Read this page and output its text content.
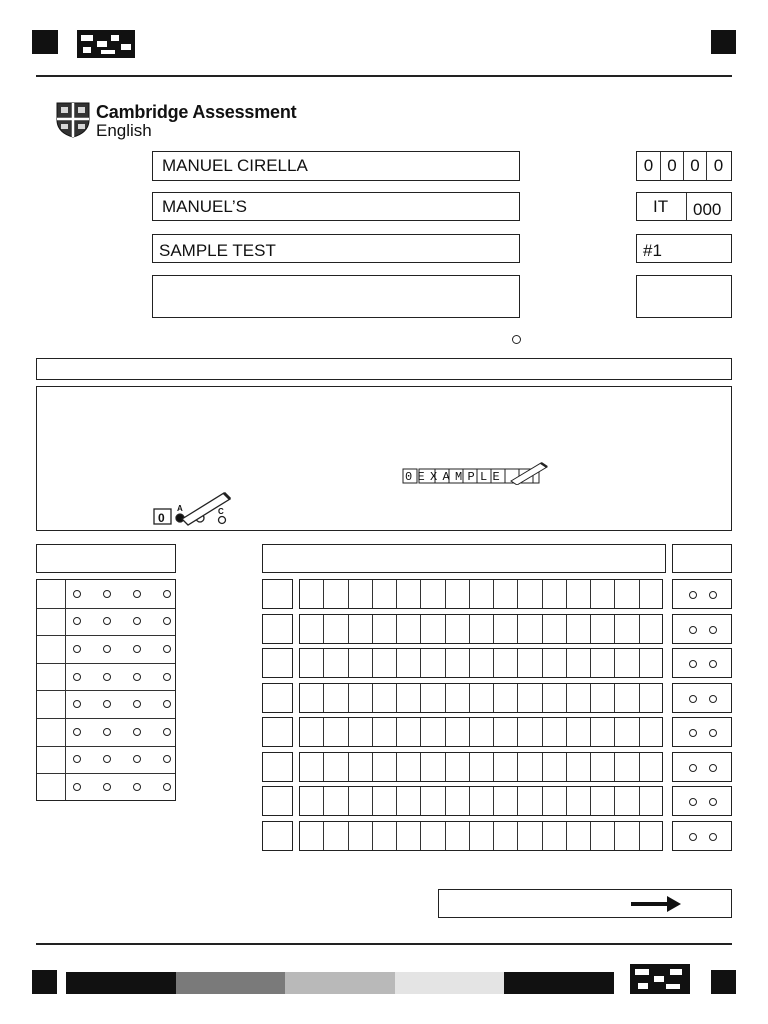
Cambridge Assessment
English
MANUEL CIRELLA
MANUEL’S
SAMPLE TEST
0 0 0 0
IT 000
#1
0EXAMPLE
0
A	C
